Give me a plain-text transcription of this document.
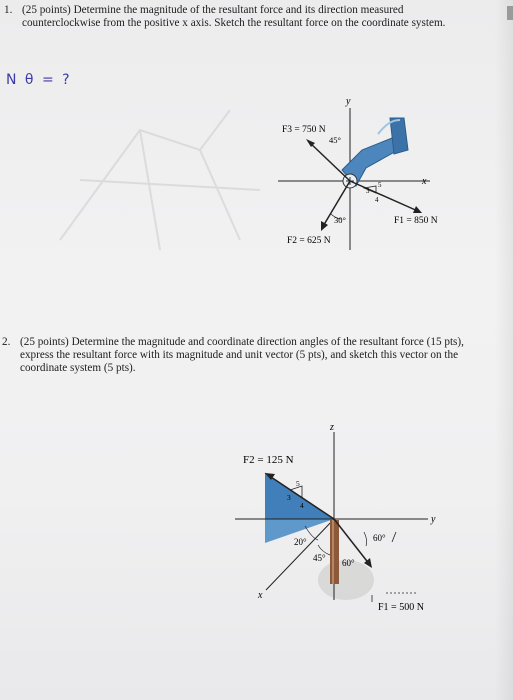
1. (25 points) Determine the magnitude of the resultant force and its direction measured counterclockwise from the positive x axis. Sketch the resultant force on the coordinate system.
N θ = ?
y
x
F3 = 750 N
45°
3
4
5
F1 = 850 N
30°
F2 = 625 N
2. (25 points) Determine the magnitude and coordinate direction angles of the resultant force (15 pts), express the resultant force with its magnitude and unit vector (5 pts), and sketch this vector on the coordinate system (5 pts).
z
y
x
F2 = 125 N
3
4
5
20°
45° 60°
60°
F1 = 500 N
